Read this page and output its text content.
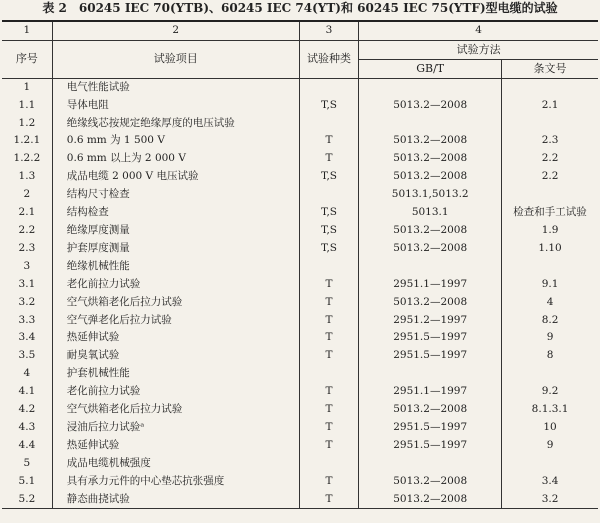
表 2　60245 IEC 70(YTB)、60245 IEC 74(YT)和 60245 IEC 75(YTF)型电缆的试验
1	2	3	4	
序号	试验项目	试验种类	试验方法	
			GB/T	条文号
1	电气性能试验			
1.1	导体电阻	T,S	5013.2—2008	2.1
1.2	绝缘线芯按规定绝缘厚度的电压试验			
1.2.1	0.6 mm 为 1 500 V	T	5013.2—2008	2.3
1.2.2	0.6 mm 以上为 2 000 V	T	5013.2—2008	2.2
1.3	成品电缆 2 000 V 电压试验	T,S	5013.2—2008	2.2
2	结构尺寸检查		5013.1,5013.2	
2.1	结构检查	T,S	5013.1	检查和手工试验
2.2	绝缘厚度测量	T,S	5013.2—2008	1.9
2.3	护套厚度测量	T,S	5013.2—2008	1.10
3	绝缘机械性能			
3.1	老化前拉力试验	T	2951.1—1997	9.1
3.2	空气烘箱老化后拉力试验	T	5013.2—2008	4
3.3	空气弹老化后拉力试验	T	2951.2—1997	8.2
3.4	热延伸试验	T	2951.5—1997	9
3.5	耐臭氧试验	T	2951.5—1997	8
4	护套机械性能			
4.1	老化前拉力试验	T	2951.1—1997	9.2
4.2	空气烘箱老化后拉力试验	T	5013.2—2008	8.1.3.1
4.3	浸油后拉力试验ᵃ	T	2951.5—1997	10
4.4	热延伸试验	T	2951.5—1997	9
5	成品电缆机械强度			
5.1	具有承力元件的中心垫芯抗张强度	T	5013.2—2008	3.4
5.2	静态曲挠试验	T	5013.2—2008	3.2
